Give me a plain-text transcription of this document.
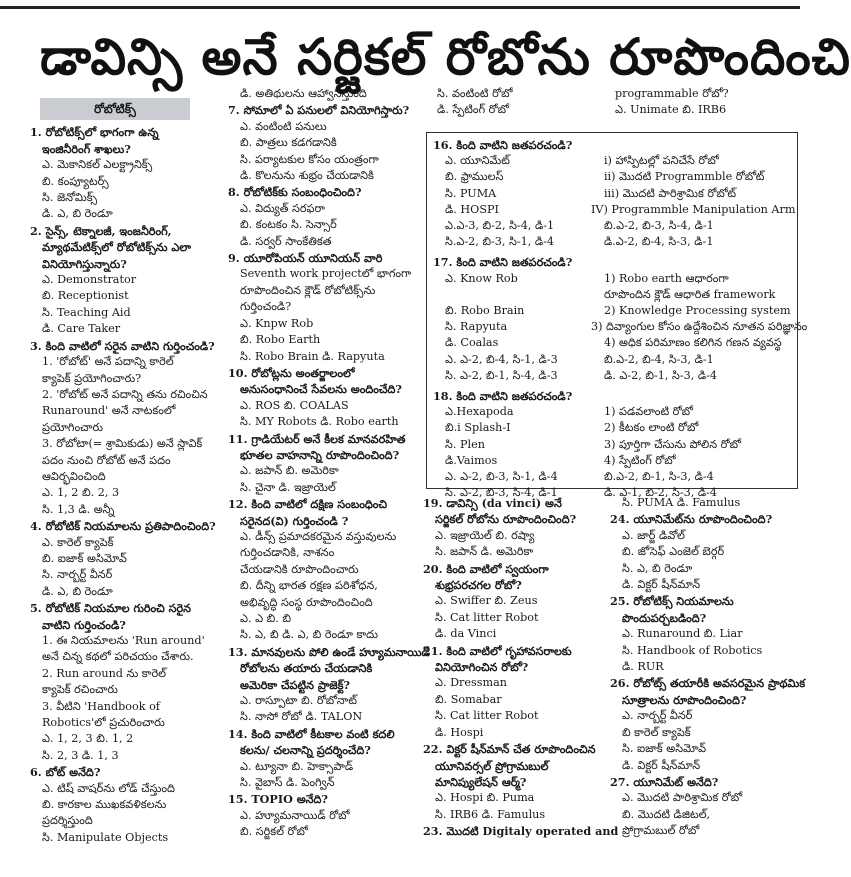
డావిన్సి అనే సర్జికల్ రోబోను రూపొందించి
రోబోటిక్స్
1. రోబోటిక్స్‌లో భాగంగా ఉన్న
ఇంజినీరింగ్ శాఖలు?
ఎ. మెకానికల్ ఎలక్ట్రానిక్స్
బి. కంప్యూటర్స్
సి. జెనోమిక్స్
డి. ఎ, బి రెండూ
2. సైన్స్, టెక్నాలజీ, ఇంజనీరింగ్,
మ్యాథమేటిక్స్‌లో రోబోటిక్స్‌ను ఎలా
వినియోగిస్తున్నారు?
ఎ. Demonstrator
బి. Receptionist
సి. Teaching Aid
డి. Care Taker
3. కింది వాటిలో సరైన వాటిని గుర్తించండి?
1. 'రోబోట్' అనే పదాన్ని కారెల్
క్యాపెక్ ప్రయోగించారు?
2. 'రోబోట్ అనే పదాన్ని తను రచించిన
Runaround' అనే నాటకంలో
ప్రయోగించారు
3. రోబోటా(= శ్రామికుడు) అనే స్లావిక్
పదం నుంచి రోబోట్ అనే పదం
ఆవిర్భవించింది
ఎ. 1, 2 బి. 2, 3
సి. 1,3 డి. అన్నీ
4. రోబోటిక్ నియమాలను ప్రతిపాదించింది?
ఎ. కారెల్ క్యాపెక్
బి. ఐజాక్ అసిమోవ్
సి. నార్బర్ట్ వీనర్
డి. ఎ, బి రెండూ
5. రోబోటిక్ నియమాల గురించి సరైన
వాటిని గుర్తించండి?
1. ఈ నియమాలను 'Run around'
అనే చిన్న కథలో పరిచయం చేశారు.
2. Run around ను కారెల్
క్యాపెక్ రచించారు
3. వీటిని 'Handbook of
Robotics'లో ప్రచురించారు
ఎ. 1, 2, 3 బి. 1, 2
సి. 2, 3 డి. 1, 3
6. బోట్ అనేది?
ఎ. టిష్ వాషర్‌ను లోడ్ చేస్తుంది
బి. కారకాల ముఖకవళికలను
ప్రదర్శిస్తుంది
సి. Manipulate Objects
డి. అతిథులను ఆహ్వానిస్తుంది
7. సోమాలో ఏ పనులలో వినియోగిస్తారు?
ఎ. వంటింటి పనులు
బి. పాత్రలు కడగడానికి
సి. పర్యాటకుల కోసం యంత్రంగా
డి. కొలనును శుభ్రం చేయడానికి
8. రోబోటిక్‌కు సంబంధించింది?
ఎ. విద్యుత్ సరఫరా
బి. కంటకం సి. సెన్సార్
డి. సర్వర్ సాంకేతికత
9. యూరోపియన్ యూనియన్ వారి
Seventh work projectలో భాగంగా
రూపొందించిన క్లౌడ్ రోబోటిక్స్‌ను
గుర్తించండి?
ఎ. Knpw Rob
బి. Robo Earth
సి. Robo Brain డి. Rapyuta
10. రోబోట్లను అంతర్జాలంలో
అనుసంధానించే సేవలను అందించేది?
ఎ. ROS బి. COALAS
సి. MY Robots డి. Robo earth
11. గ్రాడియేటర్ అనే కీలక మానవరహిత
భూతల వాహనాన్ని రూపొందించింది?
ఎ. జపాన్ బి. అమెరికా
సి. చైనా డి. ఇజ్రాయెల్
12. కింది వాటిలో దక్షిణ సంబంధించి
సరైనద(వి) గుర్తించండి ?
ఎ. డీన్స్ ప్రమాదకరమైన వస్తువులను
గుర్తించడానికి, నాశనం
చేయడానికి రూపొందించారు
బి. దీన్ని భారత రక్షణ పరిశోధన,
అభివృద్ధి సంస్థ రూపొందించింది
ఎ. ఎ బి. బి
సి. ఎ, బి డి. ఎ, బి రెండూ కాదు
13. మానవులను పోలి ఉండే హ్యూమనాయిడ్
రోబోలను తయారు చేయడానికి
అమెరికా చేపట్టిన ప్రాజెక్ట్?
ఎ. రాస్పూటా బి. రోబోనాట్
సి. నాసో రోబో డి. TALON
14. కింది వాటిలో కీటకాల వంటి కదలి
కలను/ చలనాన్ని ప్రదర్శించేది?
ఎ. ట్యూనా బి. హెక్సాపాడ్
సి. వైబాస్ డి. పెంగ్విన్
15. TOPIO అనేది?
ఎ. హ్యూమనాయిడ్ రోబో
బి. సర్జికల్ రోబో
సి. వంటింటి రోబో
డి. స్పేటింగ్ రోబో
programmable రోబో?
ఎ. Unimate బి. IRB6
16. కింది వాటిని జతపరచండి?
ఎ. యూనిమేట్	i) హాస్పిటల్లో పనిచేసే రోబో
బి. ఫ్రాములస్	ii) మొదటి Programmble రోబోట్
సి. PUMA	iii) మొదటి పారిశ్రామిక రోబోట్
డి. HOSPI	IV) Programmble Manipulation Arm
ఎ.ఎ-3, బి-2, సి-4, డి-1	బి.ఎ-2, బి-3, సి-4, డి-1
సి.ఎ-2, బి-3, సి-1, డి-4	డి.ఎ-2, బి-4, సి-3, డి-1
17. కింది వాటిని జతపరచండి?
ఎ. Know Rob	1) Robo earth ఆధారంగా
రూపొందిన క్లౌడ్ ఆధారిత framework
బి. Robo Brain	2) Knowledge Processing system
సి. Rapyuta	3) దివ్యాంగుల కోసం ఉద్దేశించిన నూతన పరిజ్ఞానం
డి. Coalas	4) అధిక పరిమాణం కలిగిన గణన వ్యవస్థ
ఎ. ఎ-2, బి-4, సి-1, డి-3	బి.ఎ-2, బి-4, సి-3, డి-1
సి. ఎ-2, బి-1, సి-4, డి-3	డి. ఎ-2, బి-1, సి-3, డి-4
18. కింది వాటిని జతపరచండి?
ఎ.Hexapoda	1) పడవలాంటి రోబో
బి.i Splash-I	2) కీటకం లాంటి రోబో
సి. Plen	3) పూర్తిగా చేసును పోలిన రోబో
డి.Vaimos	4) స్పేటింగ్ రోబో
ఎ. ఎ-2, బి-3, సి-1, డి-4	బి.ఎ-2, బి-1, సి-3, డి-4
సి. ఎ-2, బి-3, సి-4, డి-1	డి. ఎ-1, బి-2, సి-3, డి-4
19. డావిన్సి (da vinci) అనే
సర్జికల్ రోబోను రూపొందించింది?
ఎ. ఇజ్రాయెల్ బి. రష్యా
సి. జపాన్ డి. అమెరికా
20. కింది వాటిలో స్వయంగా
శుభ్రపరచగల రోబో?
ఎ. Swiffer బి. Zeus
సి. Cat litter Robot
డి. da Vinci
21. కింది వాటిలో గృహావసరాలకు
వినియోగించిన రోబో?
ఎ. Dressman
బి. Somabar
సి. Cat litter Robot
డి. Hospi
22. విక్టర్ షీన్‌మాన్ చేత రూపొందించిన
యూనివర్సల్ ప్రోగ్రామబుల్
మానిప్యులేషన్ ఆర్మ్?
ఎ. Hospi బి. Puma
సి. IRB6 డి. Famulus
23. మొదటి Digitaly operated and
సి. PUMA డి. Famulus
24. యూనిమేట్‌ను రూపొందించింది?
ఎ. జార్జ్ డివోల్
బి. జోసెఫ్ ఎంజెల్ బెర్గర్
సి. ఎ, బి రెండూ
డి. విక్టర్ షీన్‌మాన్
25. రోబోటిక్స్ నియమాలను
పొందుపర్చబడింది?
ఎ. Runaround బి. Liar
సి. Handbook of Robotics
డి. RUR
26. రోబోట్స్ తయారీకి అవసరమైన ప్రాథమిక
సూత్రాలను రూపొందించింది?
ఎ. నార్బర్ట్ వీనర్
బి కారెల్ క్యాపెక్
సి. ఐజాక్ అసిమోవ్
డి. విక్టర్ షీన్‌మాన్
27. యూనిమేట్ అనేది?
ఎ. మొదటి పారిశ్రామిక రోబో
బి. మొదటి డిజిటల్,
ప్రోగ్రామబుల్ రోబో
